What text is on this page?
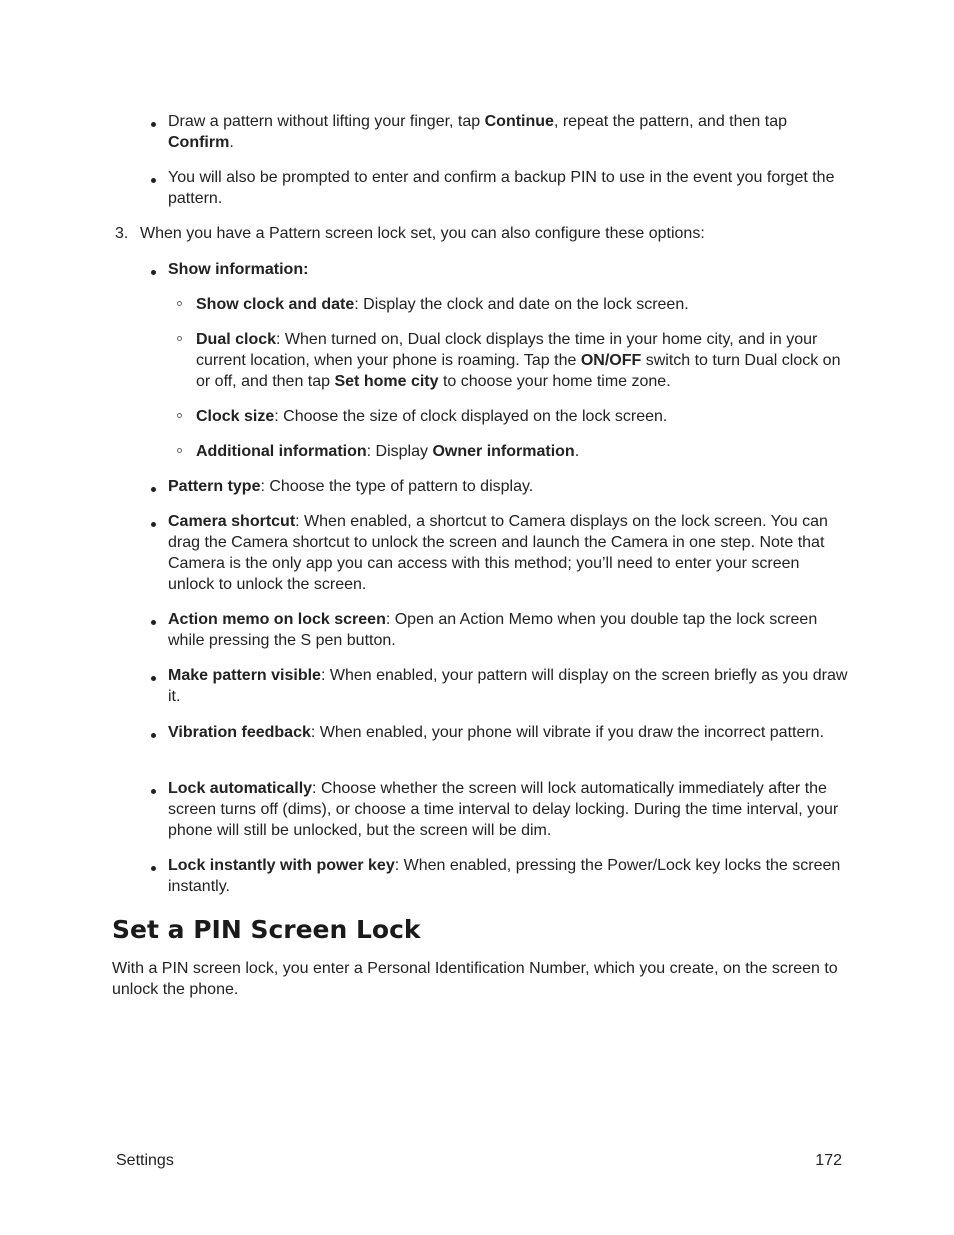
Draw a pattern without lifting your finger, tap Continue, repeat the pattern, and then tap Confirm.

You will also be prompted to enter and confirm a backup PIN to use in the event you forget the pattern.

3. When you have a Pattern screen lock set, you can also configure these options:

Show information:

Show clock and date: Display the clock and date on the lock screen.

Dual clock: When turned on, Dual clock displays the time in your home city, and in your current location, when your phone is roaming. Tap the ON/OFF switch to turn Dual clock on or off, and then tap Set home city to choose your home time zone.

Clock size: Choose the size of clock displayed on the lock screen.

Additional information: Display Owner information.

Pattern type: Choose the type of pattern to display.

Camera shortcut: When enabled, a shortcut to Camera displays on the lock screen. You can drag the Camera shortcut to unlock the screen and launch the Camera in one step. Note that Camera is the only app you can access with this method; you’ll need to enter your screen unlock to unlock the screen.

Action memo on lock screen: Open an Action Memo when you double tap the lock screen while pressing the S pen button.

Make pattern visible: When enabled, your pattern will display on the screen briefly as you draw it.

Vibration feedback: When enabled, your phone will vibrate if you draw the incorrect pattern.

Lock automatically: Choose whether the screen will lock automatically immediately after the screen turns off (dims), or choose a time interval to delay locking. During the time interval, your phone will still be unlocked, but the screen will be dim.

Lock instantly with power key: When enabled, pressing the Power/Lock key locks the screen instantly.

Set a PIN Screen Lock

With a PIN screen lock, you enter a Personal Identification Number, which you create, on the screen to unlock the phone.

Settings	172
